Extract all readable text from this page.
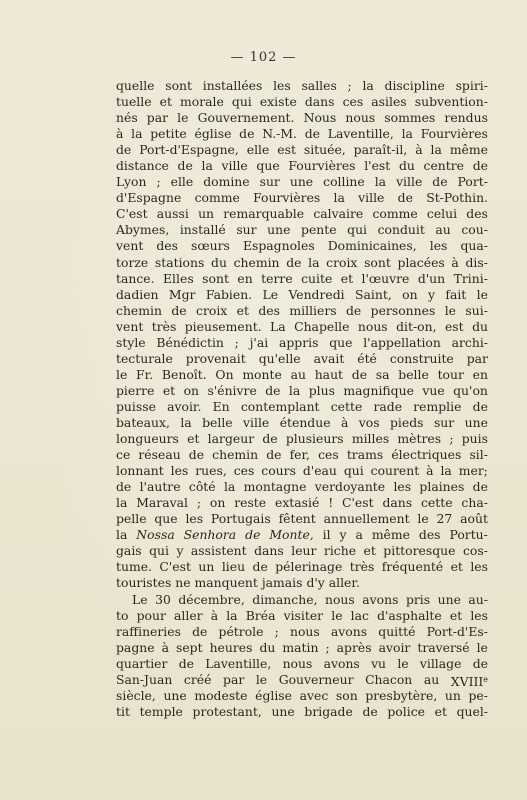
— 102 —
quelle sont installées les salles ; la discipline spiri-
tuelle et morale qui existe dans ces asiles subvention-
nés par le Gouvernement. Nous nous sommes rendus
à la petite église de N.-M. de Laventille, la Fourvières
de Port-d'Espagne, elle est située, paraît-il, à la même
distance de la ville que Fourvières l'est du centre de
Lyon ; elle domine sur une colline la ville de Port-
d'Espagne comme Fourvières la ville de St-Pothin.
C'est aussi un remarquable calvaire comme celui des
Abymes, installé sur une pente qui conduit au cou-
vent des sœurs Espagnoles Dominicaines, les qua-
torze stations du chemin de la croix sont placées à dis-
tance. Elles sont en terre cuite et l'œuvre d'un Trini-
dadien Mgr Fabien. Le Vendredi Saint, on y fait le
chemin de croix et des milliers de personnes le sui-
vent très pieusement. La Chapelle nous dit-on, est du
style Bénédictin ; j'ai appris que l'appellation archi-
tecturale provenait qu'elle avait été construite par
le Fr. Benoît. On monte au haut de sa belle tour en
pierre et on s'énivre de la plus magnifique vue qu'on
puisse avoir. En contemplant cette rade remplie de
bateaux, la belle ville étendue à vos pieds sur une
longueurs et largeur de plusieurs milles mètres ; puis
ce réseau de chemin de fer, ces trams électriques sil-
lonnant les rues, ces cours d'eau qui courent à la mer;
de l'autre côté la montagne verdoyante les plaines de
la Maraval ; on reste extasié ! C'est dans cette cha-
pelle que les Portugais fêtent annuellement le 27 août
la Nossa Senhora de Monte, il y a même des Portu-
gais qui y assistent dans leur riche et pittoresque cos-
tume. C'est un lieu de pélerinage très fréquenté et les
touristes ne manquent jamais d'y aller.
Le 30 décembre, dimanche, nous avons pris une au-
to pour aller à la Bréa visiter le lac d'asphalte et les
raffineries de pétrole ; nous avons quitté Port-d'Es-
pagne à sept heures du matin ; après avoir traversé le
quartier de Laventille, nous avons vu le village de
San-Juan créé par le Gouverneur Chacon au XVIIIe
siècle, une modeste église avec son presbytère, un pe-
tit temple protestant, une brigade de police et quel-
